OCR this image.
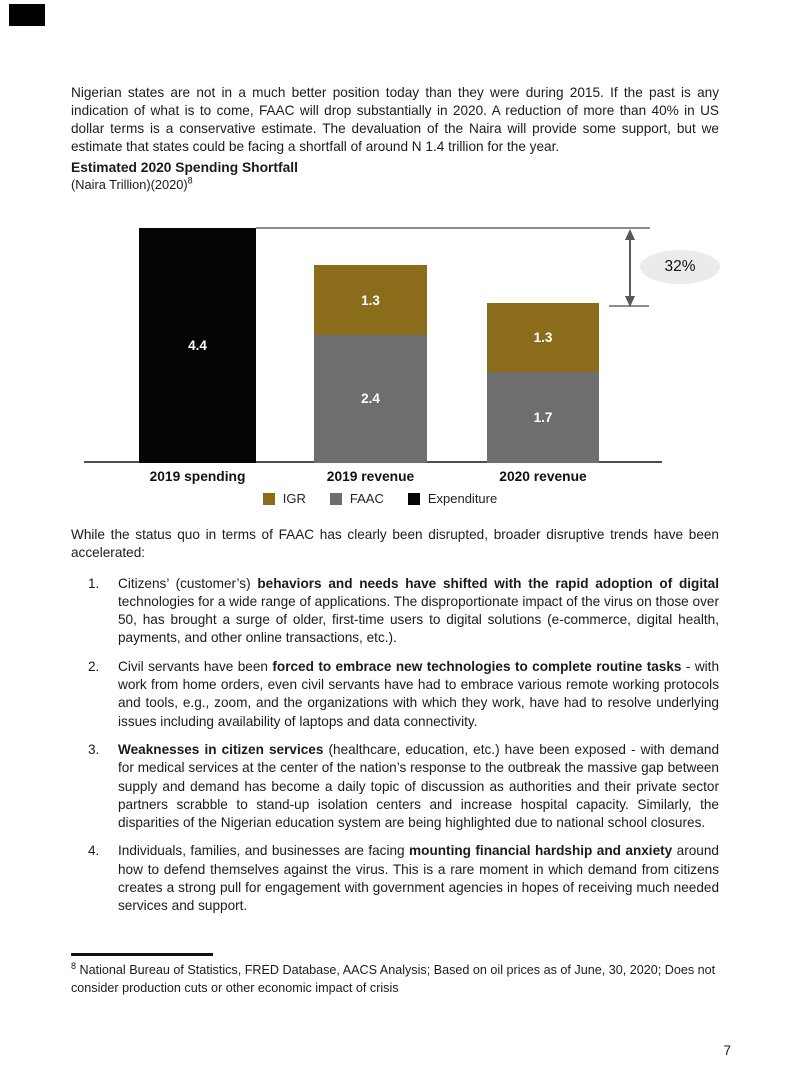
Nigerian states are not in a much better position today than they were during 2015. If the past is any indication of what is to come, FAAC will drop substantially in 2020. A reduction of more than 40% in US dollar terms is a conservative estimate. The devaluation of the Naira will provide some support, but we estimate that states could be facing a shortfall of around N 1.4 trillion for the year.

Estimated 2020 Spending Shortfall
(Naira $Trillion)(2020)^8$
32%
IGR	FAAC	Expenditure
4.4
2019 spending
2.4
1.3
2019 revenue
1.7
1.3
2020 revenue

While the status quo in terms of FAAC has clearly been disrupted, broader disruptive trends have been accelerated:

1. Citizens’ (customer’s) behaviors and needs have shifted with the rapid adoption of digital technologies for a wide range of applications. The disproportionate impact of the virus on those over 50, has brought a surge of older, first-time users to digital solutions (e-commerce, digital health, payments, and other online transactions, etc.).
2. Civil servants have been forced to embrace new technologies to complete routine tasks - with work from home orders, even civil servants have had to embrace various remote working protocols and tools, e.g., zoom, and the organizations with which they work, have had to resolve underlying issues including availability of laptops and data connectivity.
3. Weaknesses in citizen services (healthcare, education, etc.) have been exposed - with demand for medical services at the center of the nation’s response to the outbreak the massive gap between supply and demand has become a daily topic of discussion as authorities and their private sector partners scrabble to stand-up isolation centers and increase hospital capacity. Similarly, the disparities of the Nigerian education system are being highlighted due to national school closures.
4. Individuals, families, and businesses are facing mounting financial hardship and anxiety around how to defend themselves against the virus. This is a rare moment in which demand from citizens creates a strong pull for engagement with government agencies in hopes of receiving much needed services and support.
$^8$ National Bureau of Statistics, FRED Database, AACS Analysis; Based on oil prices as of June, 30, 2020; Does not consider production cuts or other economic impact of crisis
7
